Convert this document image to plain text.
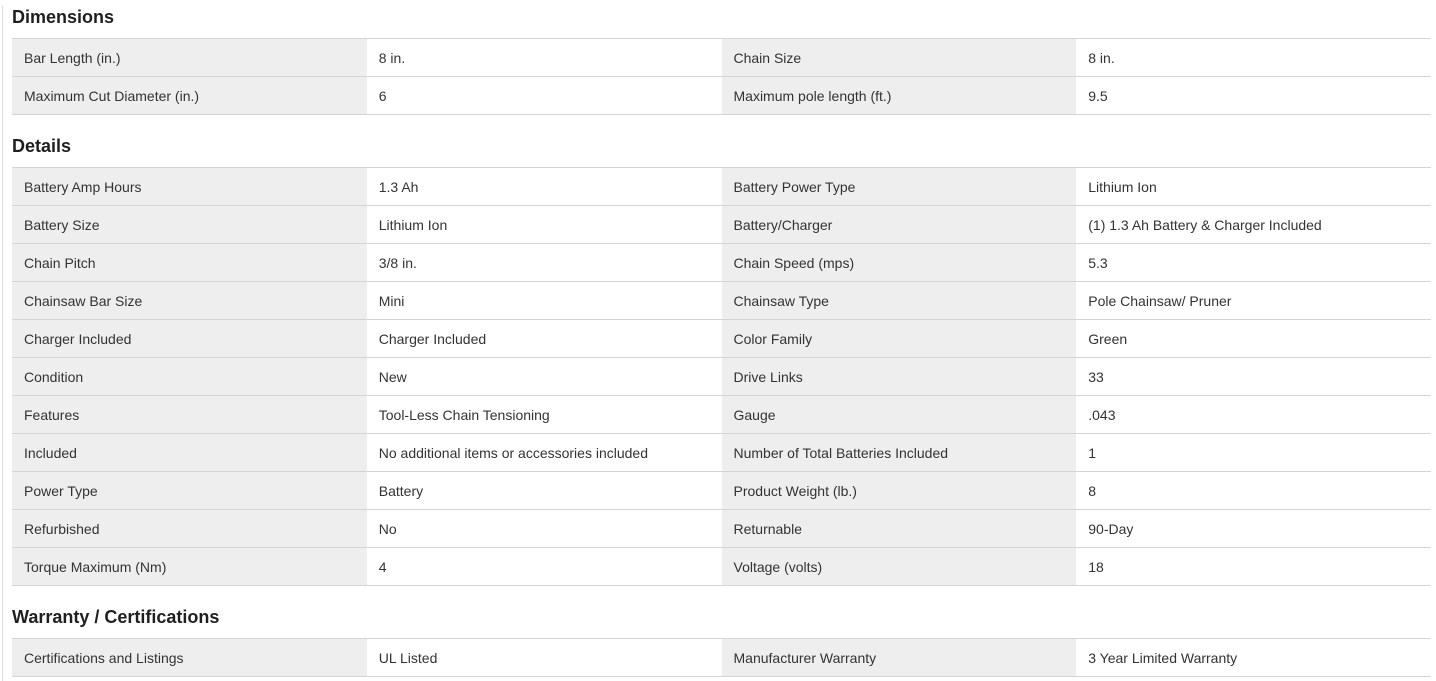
Dimensions
Bar Length (in.)	8 in.	Chain Size	8 in.
Maximum Cut Diameter (in.)	6	Maximum pole length (ft.)	9.5
Details
Battery Amp Hours	1.3 Ah	Battery Power Type	Lithium Ion
Battery Size	Lithium Ion	Battery/Charger	(1) 1.3 Ah Battery & Charger Included
Chain Pitch	3/8 in.	Chain Speed (mps)	5.3
Chainsaw Bar Size	Mini	Chainsaw Type	Pole Chainsaw/ Pruner
Charger Included	Charger Included	Color Family	Green
Condition	New	Drive Links	33
Features	Tool-Less Chain Tensioning	Gauge	.043
Included	No additional items or accessories included	Number of Total Batteries Included	1
Power Type	Battery	Product Weight (lb.)	8
Refurbished	No	Returnable	90-Day
Torque Maximum (Nm)	4	Voltage (volts)	18
Warranty / Certifications
Certifications and Listings	UL Listed	Manufacturer Warranty	3 Year Limited Warranty
